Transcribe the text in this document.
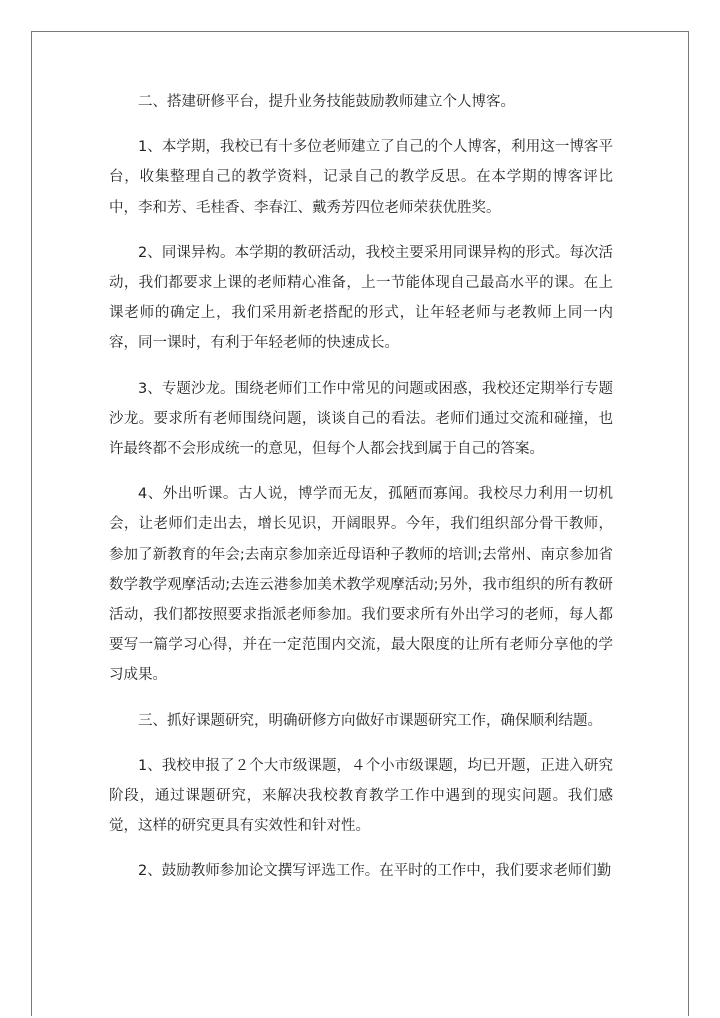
二、搭建研修平台，提升业务技能鼓励教师建立个人博客。

1、本学期，我校已有十多位老师建立了自己的个人博客，利用这一博客平台，收集整理自己的教学资料，记录自己的教学反思。在本学期的博客评比中，李和芳、毛桂香、李春江、戴秀芳四位老师荣获优胜奖。

2、同课异构。本学期的教研活动，我校主要采用同课异构的形式。每次活动，我们都要求上课的老师精心准备，上一节能体现自己最高水平的课。在上课老师的确定上，我们采用新老搭配的形式，让年轻老师与老教师上同一内容，同一课时，有利于年轻老师的快速成长。

3、专题沙龙。围绕老师们工作中常见的问题或困惑，我校还定期举行专题沙龙。要求所有老师围绕问题，谈谈自己的看法。老师们通过交流和碰撞，也许最终都不会形成统一的意见，但每个人都会找到属于自己的答案。

4、外出听课。古人说，博学而无友，孤陋而寡闻。我校尽力利用一切机会，让老师们走出去，增长见识，开阔眼界。今年，我们组织部分骨干教师，参加了新教育的年会;去南京参加亲近母语种子教师的培训;去常州、南京参加省数学教学观摩活动;去连云港参加美术教学观摩活动;另外，我市组织的所有教研活动，我们都按照要求指派老师参加。我们要求所有外出学习的老师，每人都要写一篇学习心得，并在一定范围内交流，最大限度的让所有老师分享他的学习成果。

三、抓好课题研究，明确研修方向做好市课题研究工作，确保顺利结题。

1、我校申报了２个大市级课题，４个小市级课题，均已开题，正进入研究阶段，通过课题研究，来解决我校教育教学工作中遇到的现实问题。我们感觉，这样的研究更具有实效性和针对性。

2、鼓励教师参加论文撰写评选工作。在平时的工作中，我们要求老师们勤
